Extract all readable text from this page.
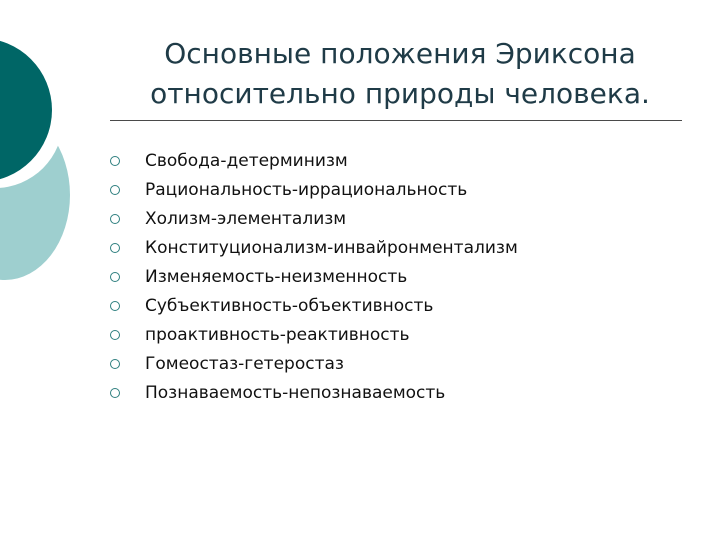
Основные положения Эриксона
относительно природы человека.
Свобода-детерминизм
Рациональность-иррациональность
Холизм-элементализм
Конституционализм-инвайронментализм
Изменяемость-неизменность
Субъективность-объективность
проактивность-реактивность
Гомеостаз-гетеростаз
Познаваемость-непознаваемость
